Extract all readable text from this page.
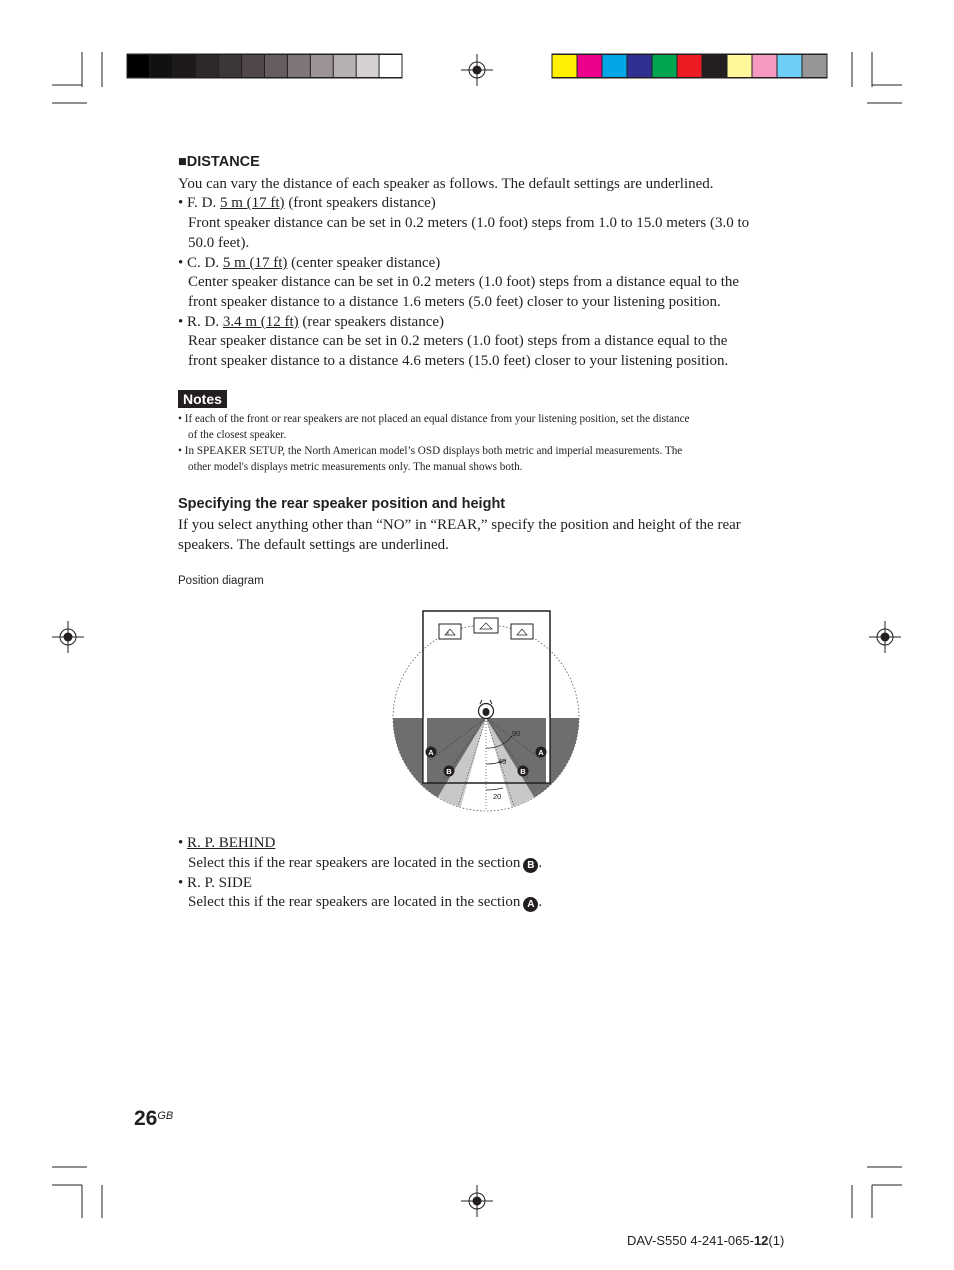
■DISTANCE
You can vary the distance of each speaker as follows. The default settings are underlined.
• F. D. 5 m (17 ft) (front speakers distance)
Front speaker distance can be set in 0.2 meters (1.0 foot) steps from 1.0 to 15.0 meters (3.0 to
50.0 feet).
• C. D. 5 m (17 ft) (center speaker distance)
Center speaker distance can be set in 0.2 meters (1.0 foot) steps from a distance equal to the
front speaker distance to a distance 1.6 meters (5.0 feet) closer to your listening position.
• R. D. 3.4 m (12 ft) (rear speakers distance)
Rear speaker distance can be set in 0.2 meters (1.0 foot) steps from a distance equal to the
front speaker distance to a distance 4.6 meters (15.0 feet) closer to your listening position.
Notes
• If each of the front or rear speakers are not placed an equal distance from your listening position, set the distance
of the closest speaker.
• In SPEAKER SETUP, the North American model’s OSD displays both metric and imperial measurements. The
other model's displays metric measurements only. The manual shows both.
Specifying the rear speaker position and height
If you select anything other than “NO” in “REAR,” specify the position and height of the rear
speakers. The default settings are underlined.
Position diagram
A	A
B	B
90
45
20
• R. P. BEHIND
Select this if the rear speakers are located in the section B .
• R. P. SIDE
Select this if the rear speakers are located in the section A .
$26^{GB}$
DAV-S550 4-241-065-12(1)
